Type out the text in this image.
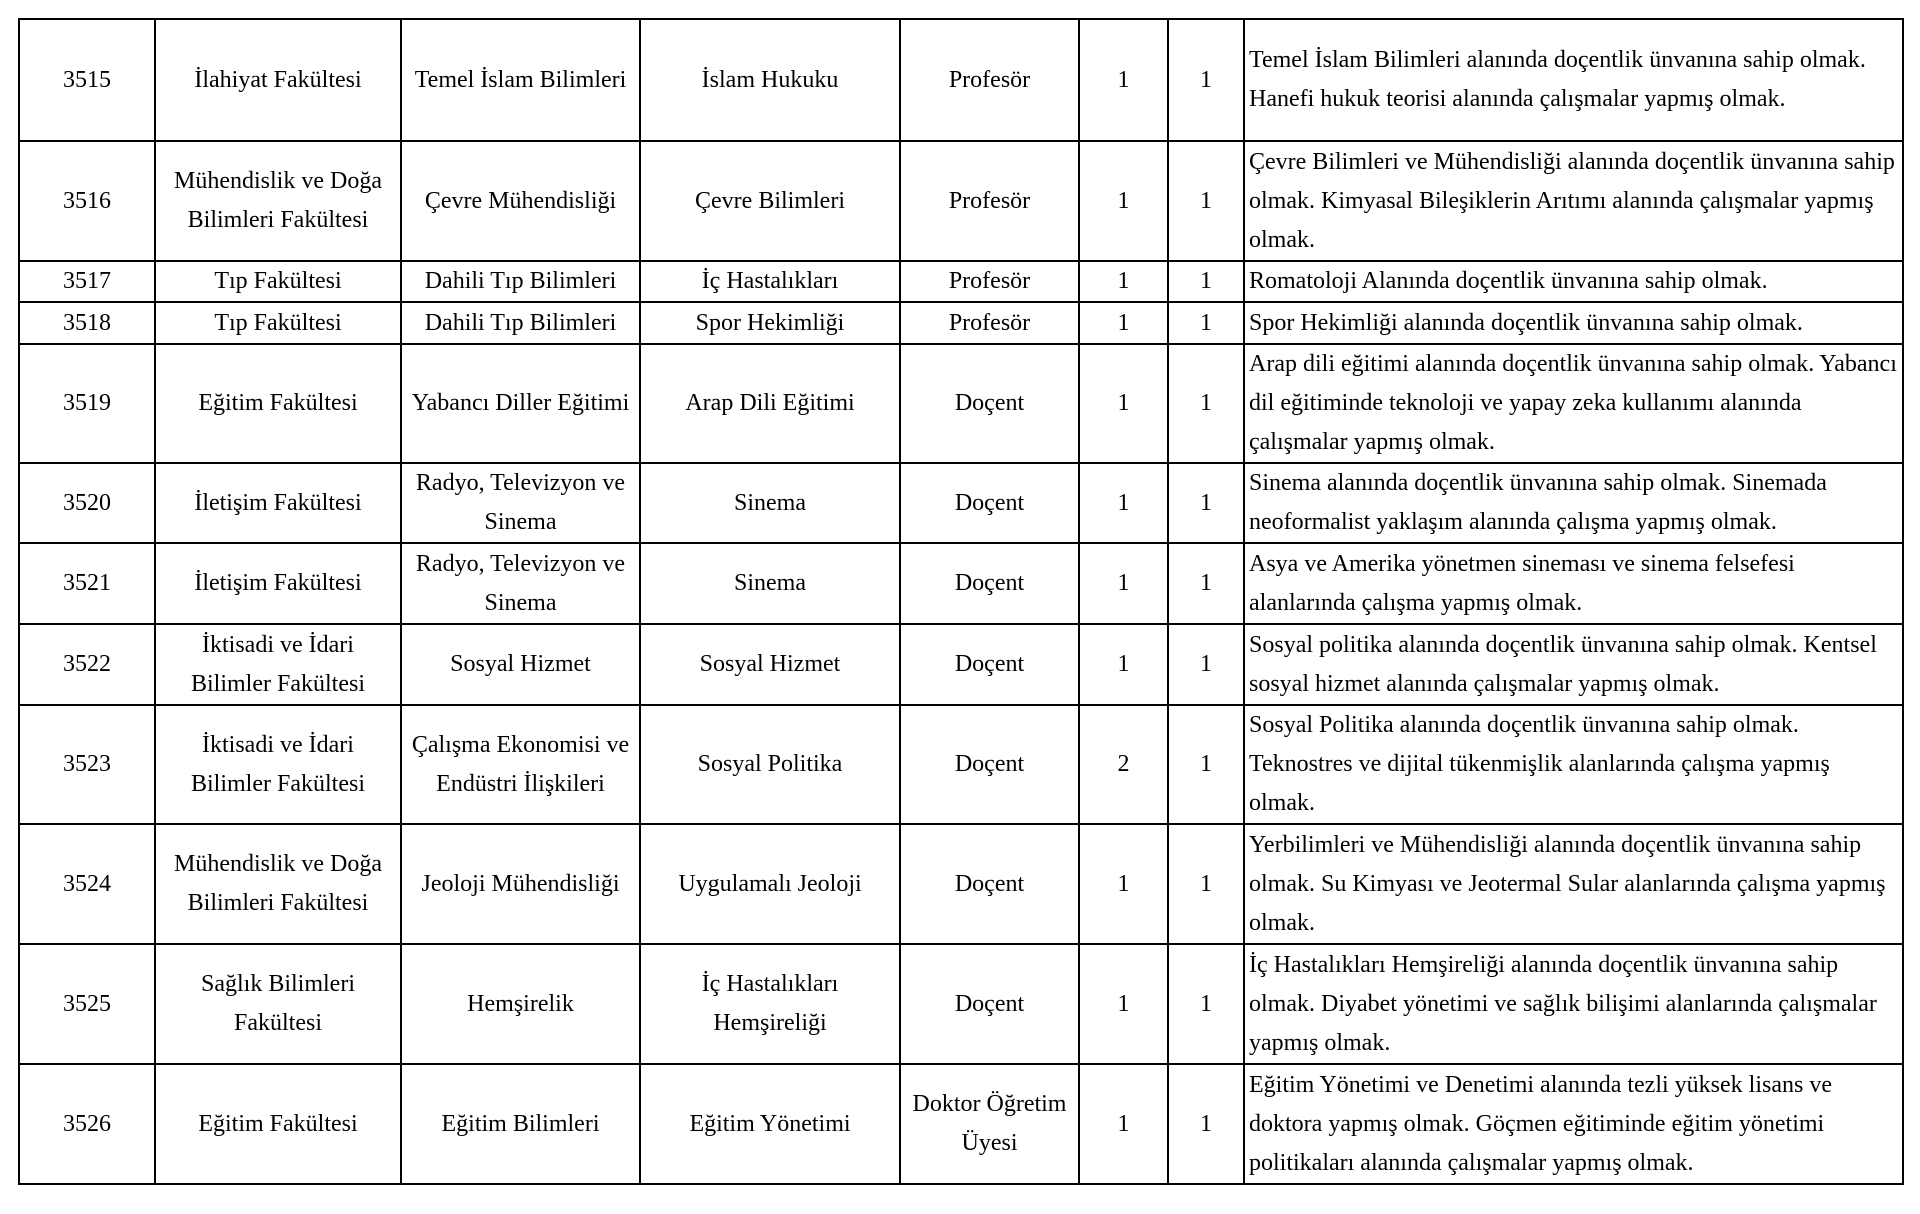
3515	İlahiyat Fakültesi	Temel İslam Bilimleri	İslam Hukuku	Profesör	1	1	Temel İslam Bilimleri alanında doçentlik ünvanına sahip olmak. Hanefi hukuk teorisi alanında çalışmalar yapmış olmak.
3516	Mühendislik ve Doğa Bilimleri Fakültesi	Çevre Mühendisliği	Çevre Bilimleri	Profesör	1	1	Çevre Bilimleri ve Mühendisliği alanında doçentlik ünvanına sahip olmak. Kimyasal Bileşiklerin Arıtımı alanında çalışmalar yapmış olmak.
3517	Tıp Fakültesi	Dahili Tıp Bilimleri	İç Hastalıkları	Profesör	1	1	Romatoloji Alanında doçentlik ünvanına sahip olmak.
3518	Tıp Fakültesi	Dahili Tıp Bilimleri	Spor Hekimliği	Profesör	1	1	Spor Hekimliği alanında doçentlik ünvanına sahip olmak.
3519	Eğitim Fakültesi	Yabancı Diller Eğitimi	Arap Dili Eğitimi	Doçent	1	1	Arap dili eğitimi alanında doçentlik ünvanına sahip olmak. Yabancı dil eğitiminde teknoloji ve yapay zeka kullanımı alanında çalışmalar yapmış olmak.
3520	İletişim Fakültesi	Radyo, Televizyon ve Sinema	Sinema	Doçent	1	1	Sinema alanında doçentlik ünvanına sahip olmak. Sinemada neoformalist yaklaşım alanında çalışma yapmış olmak.
3521	İletişim Fakültesi	Radyo, Televizyon ve Sinema	Sinema	Doçent	1	1	Asya ve Amerika yönetmen sineması ve sinema felsefesi alanlarında çalışma yapmış olmak.
3522	İktisadi ve İdari Bilimler Fakültesi	Sosyal Hizmet	Sosyal Hizmet	Doçent	1	1	Sosyal politika alanında doçentlik ünvanına sahip olmak. Kentsel sosyal hizmet alanında çalışmalar yapmış olmak.
3523	İktisadi ve İdari Bilimler Fakültesi	Çalışma Ekonomisi ve Endüstri İlişkileri	Sosyal Politika	Doçent	2	1	Sosyal Politika alanında doçentlik ünvanına sahip olmak. Teknostres ve dijital tükenmişlik alanlarında çalışma yapmış olmak.
3524	Mühendislik ve Doğa Bilimleri Fakültesi	Jeoloji Mühendisliği	Uygulamalı Jeoloji	Doçent	1	1	Yerbilimleri ve Mühendisliği alanında doçentlik ünvanına sahip olmak. Su Kimyası ve Jeotermal Sular alanlarında çalışma yapmış olmak.
3525	Sağlık Bilimleri Fakültesi	Hemşirelik	İç Hastalıkları Hemşireliği	Doçent	1	1	İç Hastalıkları Hemşireliği alanında doçentlik ünvanına sahip olmak. Diyabet yönetimi ve sağlık bilişimi alanlarında çalışmalar yapmış olmak.
3526	Eğitim Fakültesi	Eğitim Bilimleri	Eğitim Yönetimi	Doktor Öğretim Üyesi	1	1	Eğitim Yönetimi ve Denetimi alanında tezli yüksek lisans ve doktora yapmış olmak. Göçmen eğitiminde eğitim yönetimi politikaları alanında çalışmalar yapmış olmak.
